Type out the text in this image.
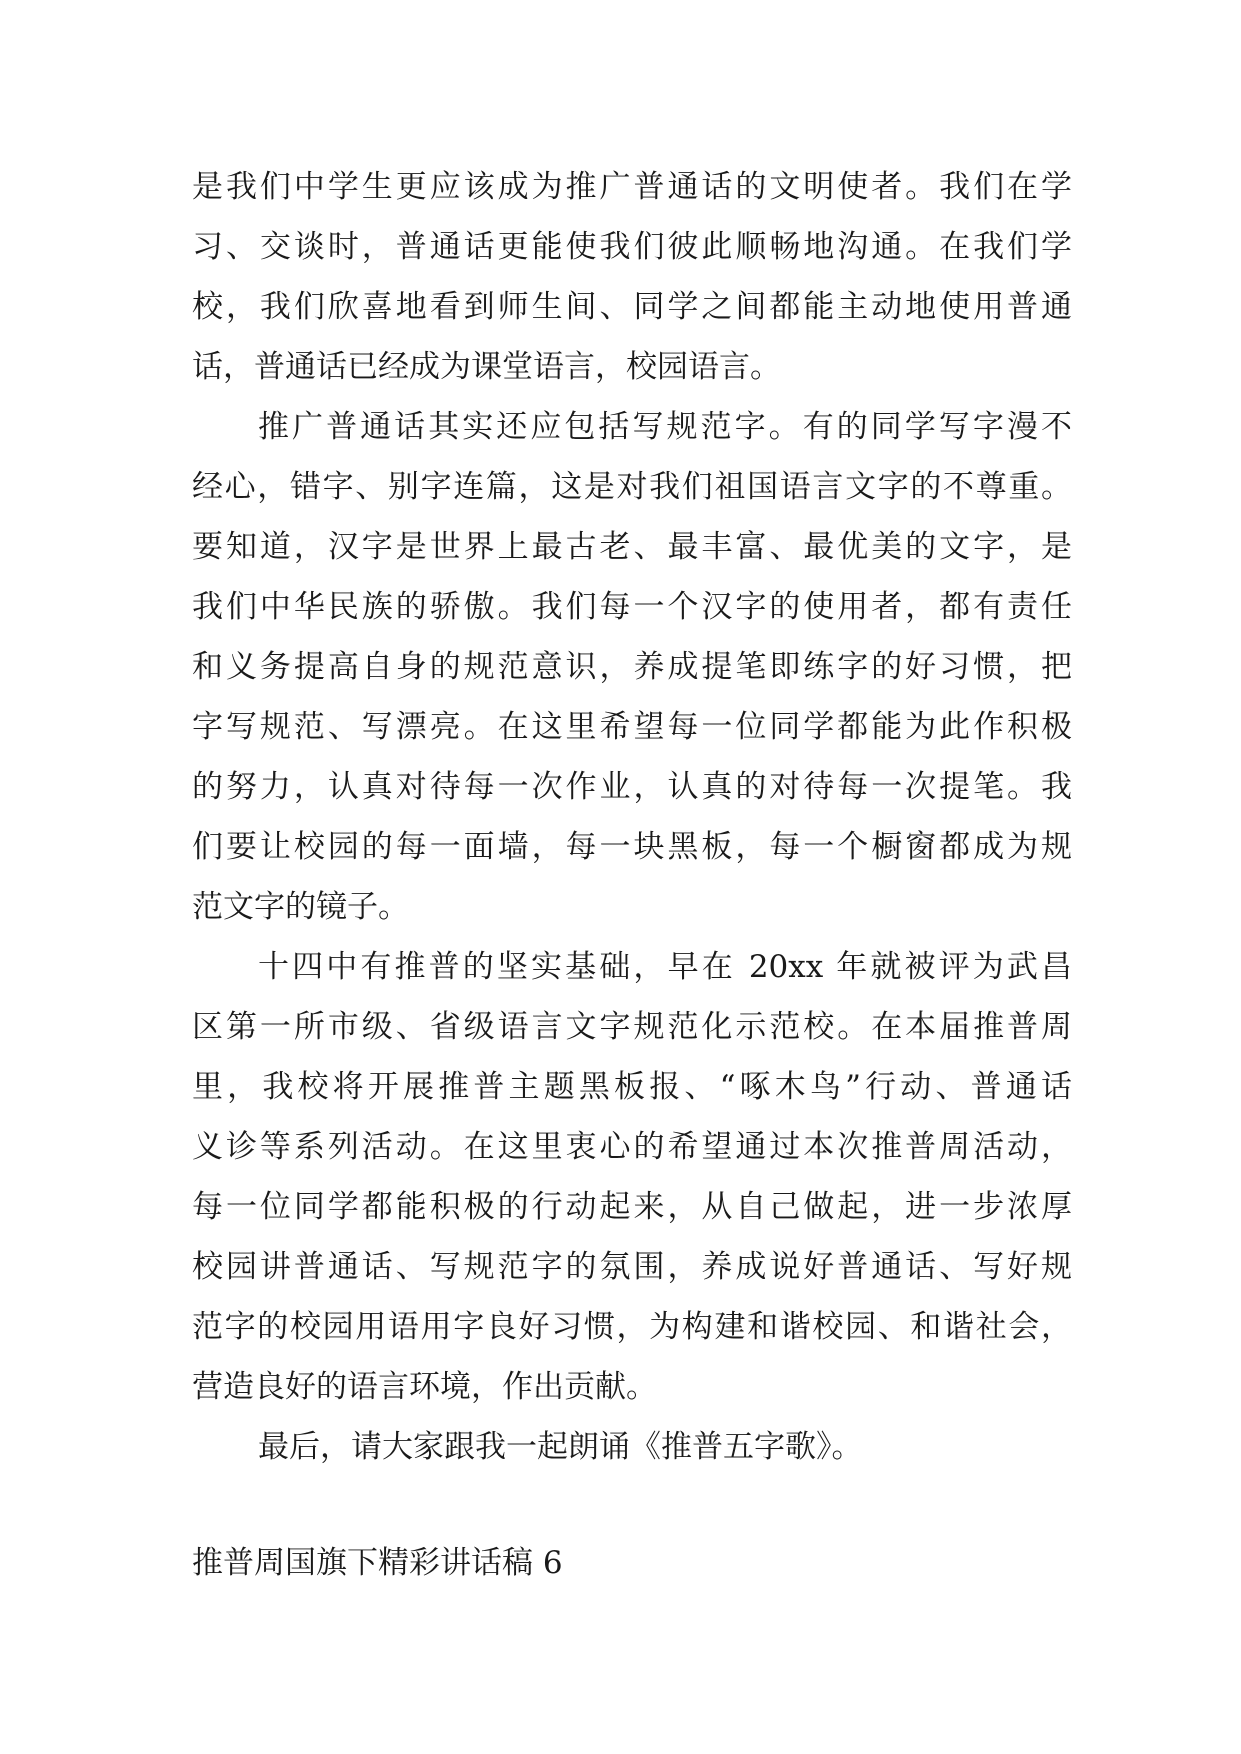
是我们中学生更应该成为推广普通话的文明使者。我们在学
习、交谈时，普通话更能使我们彼此顺畅地沟通。在我们学
校，我们欣喜地看到师生间、同学之间都能主动地使用普通
话，普通话已经成为课堂语言，校园语言。
推广普通话其实还应包括写规范字。有的同学写字漫不
经心，错字、别字连篇，这是对我们祖国语言文字的不尊重。
要知道，汉字是世界上最古老、最丰富、最优美的文字，是
我们中华民族的骄傲。我们每一个汉字的使用者，都有责任
和义务提高自身的规范意识，养成提笔即练字的好习惯，把
字写规范、写漂亮。在这里希望每一位同学都能为此作积极
的努力，认真对待每一次作业，认真的对待每一次提笔。我
们要让校园的每一面墙，每一块黑板，每一个橱窗都成为规
范文字的镜子。
十四中有推普的坚实基础，早在 20xx 年就被评为武昌
区第一所市级、省级语言文字规范化示范校。在本届推普周
里，我校将开展推普主题黑板报、“啄木鸟”行动、普通话
义诊等系列活动。在这里衷心的希望通过本次推普周活动，
每一位同学都能积极的行动起来，从自己做起，进一步浓厚
校园讲普通话、写规范字的氛围，养成说好普通话、写好规
范字的校园用语用字良好习惯，为构建和谐校园、和谐社会，
营造良好的语言环境，作出贡献。
最后，请大家跟我一起朗诵《推普五字歌》。
推普周国旗下精彩讲话稿 6
